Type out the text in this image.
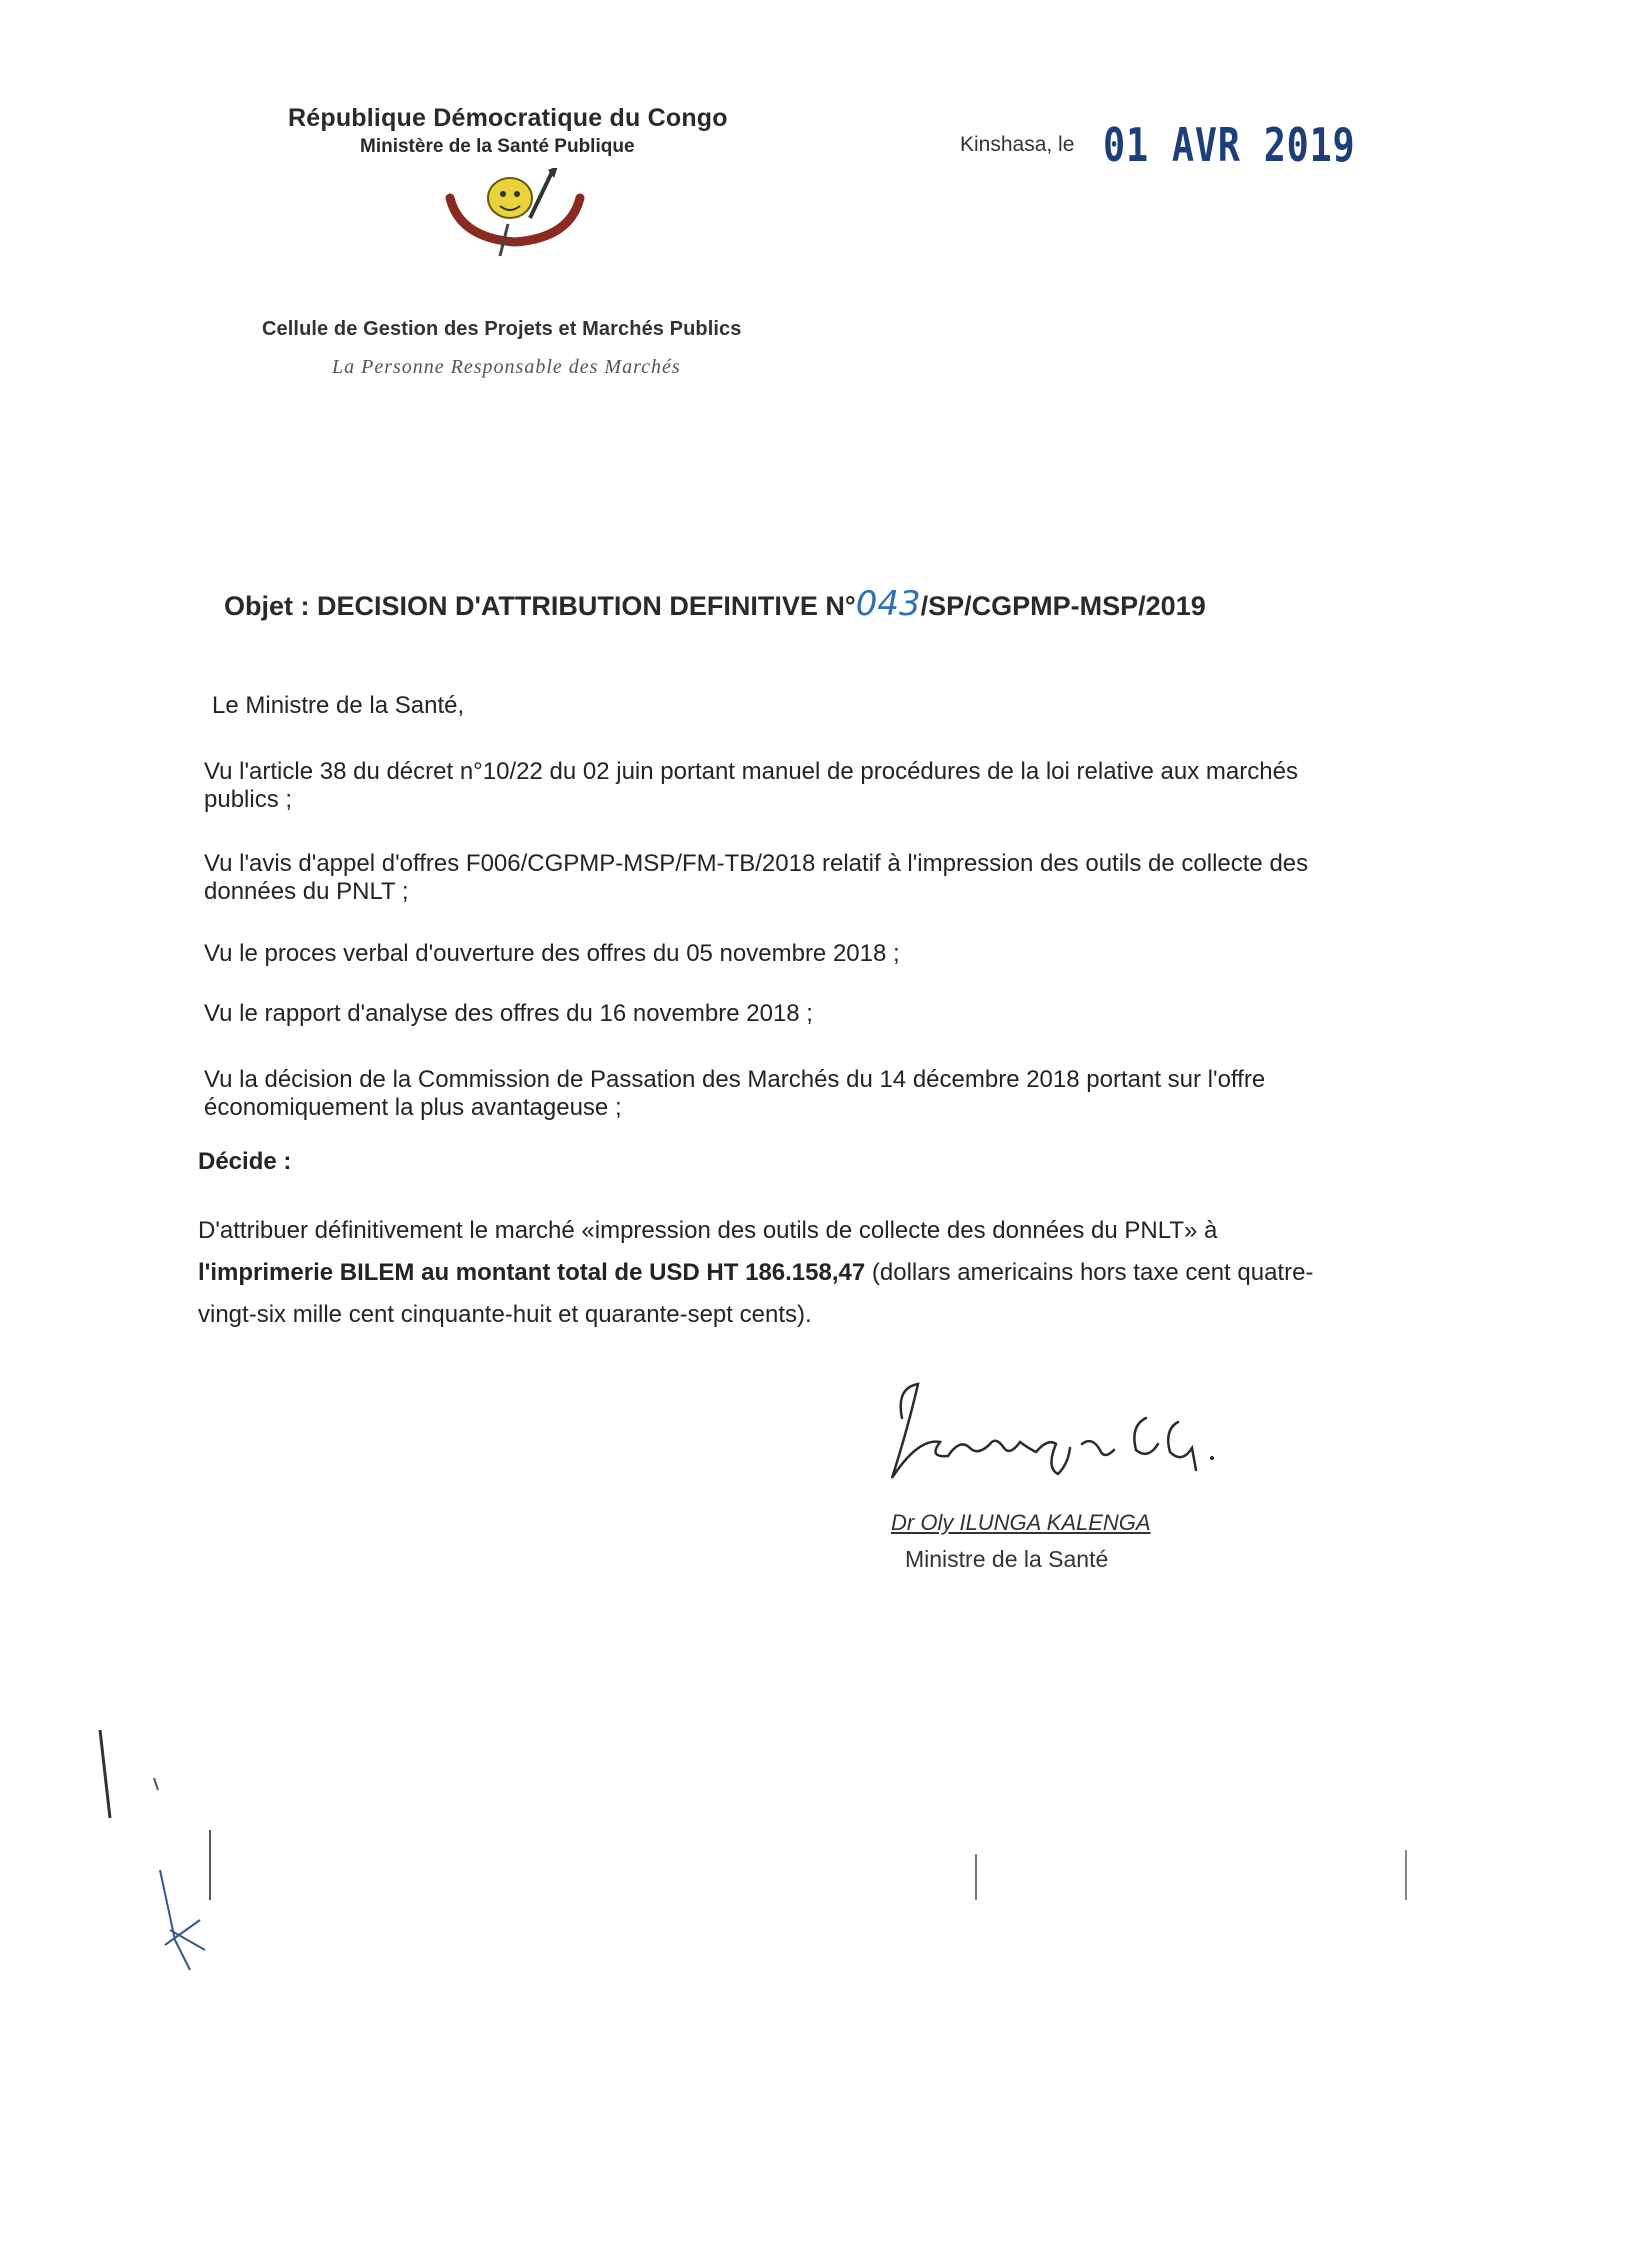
République Démocratique du Congo
Ministère de la Santé Publique
Cellule de Gestion des Projets et Marchés Publics
La Personne Responsable des Marchés
Kinshasa, le 01 AVR 2019
Objet : DECISION D'ATTRIBUTION DEFINITIVE N°043/SP/CGPMP-MSP/2019
Le Ministre de la Santé,
Vu l'article 38 du décret n°10/22 du 02 juin portant manuel de procédures de la loi relative aux marchés publics ;
Vu l'avis d'appel d'offres F006/CGPMP-MSP/FM-TB/2018 relatif à l'impression des outils de collecte des données du PNLT ;
Vu le proces verbal d'ouverture des offres du 05 novembre 2018 ;
Vu le rapport d'analyse des offres du 16 novembre 2018 ;
Vu la décision de la Commission de Passation des Marchés du 14 décembre 2018 portant sur l'offre économiquement la plus avantageuse ;
Décide :
D'attribuer définitivement le marché «impression des outils de collecte des données du PNLT» à l'imprimerie BILEM au montant total de USD HT 186.158,47 (dollars americains hors taxe cent quatre-vingt-six mille cent cinquante-huit et quarante-sept cents).
Dr Oly ILUNGA KALENGA
Ministre de la Santé
